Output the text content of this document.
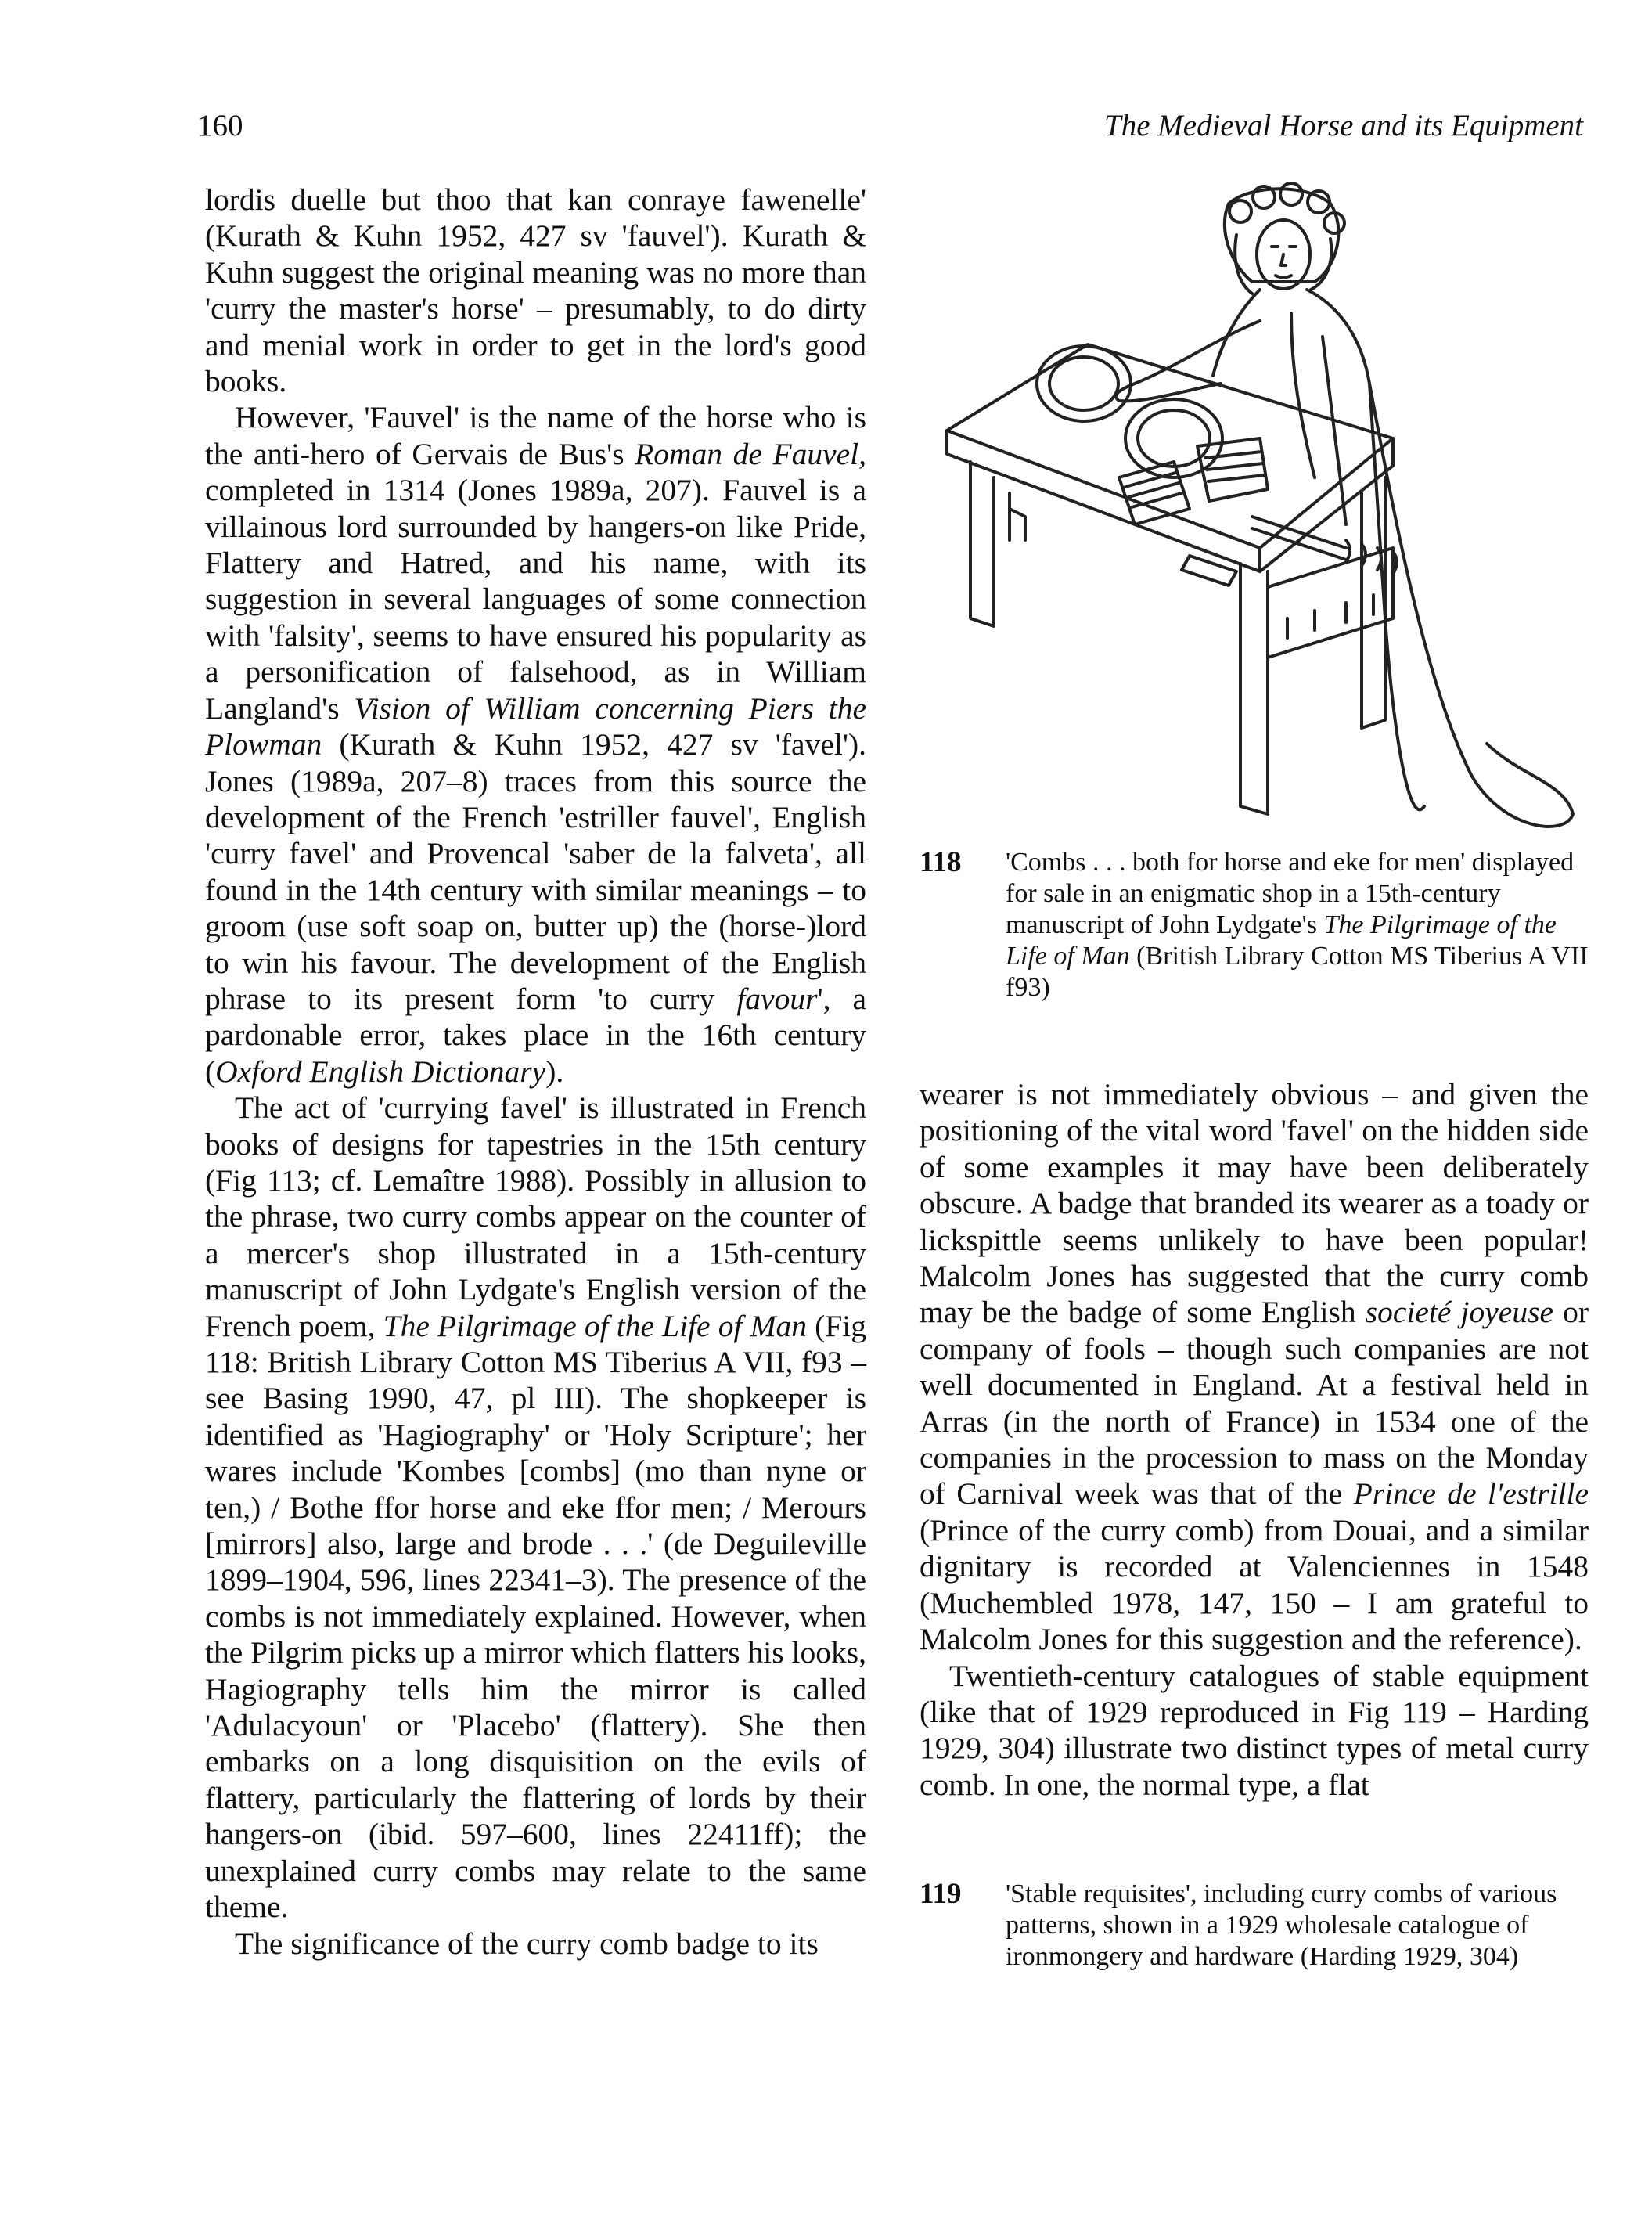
160	The Medieval Horse and its Equipment

lordis duelle but thoo that kan conraye fawenelle' (Kurath & Kuhn 1952, 427 sv 'fauvel'). Kurath & Kuhn suggest the original meaning was no more than 'curry the master's horse' – presumably, to do dirty and menial work in order to get in the lord's good books.

However, 'Fauvel' is the name of the horse who is the anti-hero of Gervais de Bus's Roman de Fauvel, completed in 1314 (Jones 1989a, 207). Fauvel is a villainous lord surrounded by hangers-on like Pride, Flattery and Hatred, and his name, with its suggestion in several languages of some connection with 'falsity', seems to have ensured his popularity as a personification of falsehood, as in William Langland's Vision of William concerning Piers the Plowman (Kurath & Kuhn 1952, 427 sv 'favel'). Jones (1989a, 207–8) traces from this source the development of the French 'estriller fauvel', English 'curry favel' and Provencal 'saber de la falveta', all found in the 14th century with similar meanings – to groom (use soft soap on, butter up) the (horse-)lord to win his favour. The development of the English phrase to its present form 'to curry favour', a pardonable error, takes place in the 16th century (Oxford English Dictionary).

The act of 'currying favel' is illustrated in French books of designs for tapestries in the 15th century (Fig 113; cf. Lemaître 1988). Possibly in allusion to the phrase, two curry combs appear on the counter of a mercer's shop illustrated in a 15th-century manuscript of John Lydgate's English version of the French poem, The Pilgrimage of the Life of Man (Fig 118: British Library Cotton MS Tiberius A VII, f93 – see Basing 1990, 47, pl III). The shopkeeper is identified as 'Hagiography' or 'Holy Scripture'; her wares include 'Kombes [combs] (mo than nyne or ten,) / Bothe ffor horse and eke ffor men; / Merours [mirrors] also, large and brode . . .' (de Deguileville 1899–1904, 596, lines 22341–3). The presence of the combs is not immediately explained. However, when the Pilgrim picks up a mirror which flatters his looks, Hagiography tells him the mirror is called 'Adulacyoun' or 'Placebo' (flattery). She then embarks on a long disquisition on the evils of flattery, particularly the flattering of lords by their hangers-on (ibid. 597–600, lines 22411ff); the unexplained curry combs may relate to the same theme.

The significance of the curry comb badge to its

118 'Combs . . . both for horse and eke for men' displayed for sale in an enigmatic shop in a 15th-century manuscript of John Lydgate's The Pilgrimage of the Life of Man (British Library Cotton MS Tiberius A VII f93)

wearer is not immediately obvious – and given the positioning of the vital word 'favel' on the hidden side of some examples it may have been deliberately obscure. A badge that branded its wearer as a toady or lickspittle seems unlikely to have been popular! Malcolm Jones has suggested that the curry comb may be the badge of some English societé joyeuse or company of fools – though such companies are not well documented in England. At a festival held in Arras (in the north of France) in 1534 one of the companies in the procession to mass on the Monday of Carnival week was that of the Prince de l'estrille (Prince of the curry comb) from Douai, and a similar dignitary is recorded at Valenciennes in 1548 (Muchembled 1978, 147, 150 – I am grateful to Malcolm Jones for this suggestion and the reference).

Twentieth-century catalogues of stable equipment (like that of 1929 reproduced in Fig 119 – Harding 1929, 304) illustrate two distinct types of metal curry comb. In one, the normal type, a flat

119 'Stable requisites', including curry combs of various patterns, shown in a 1929 wholesale catalogue of ironmongery and hardware (Harding 1929, 304)
